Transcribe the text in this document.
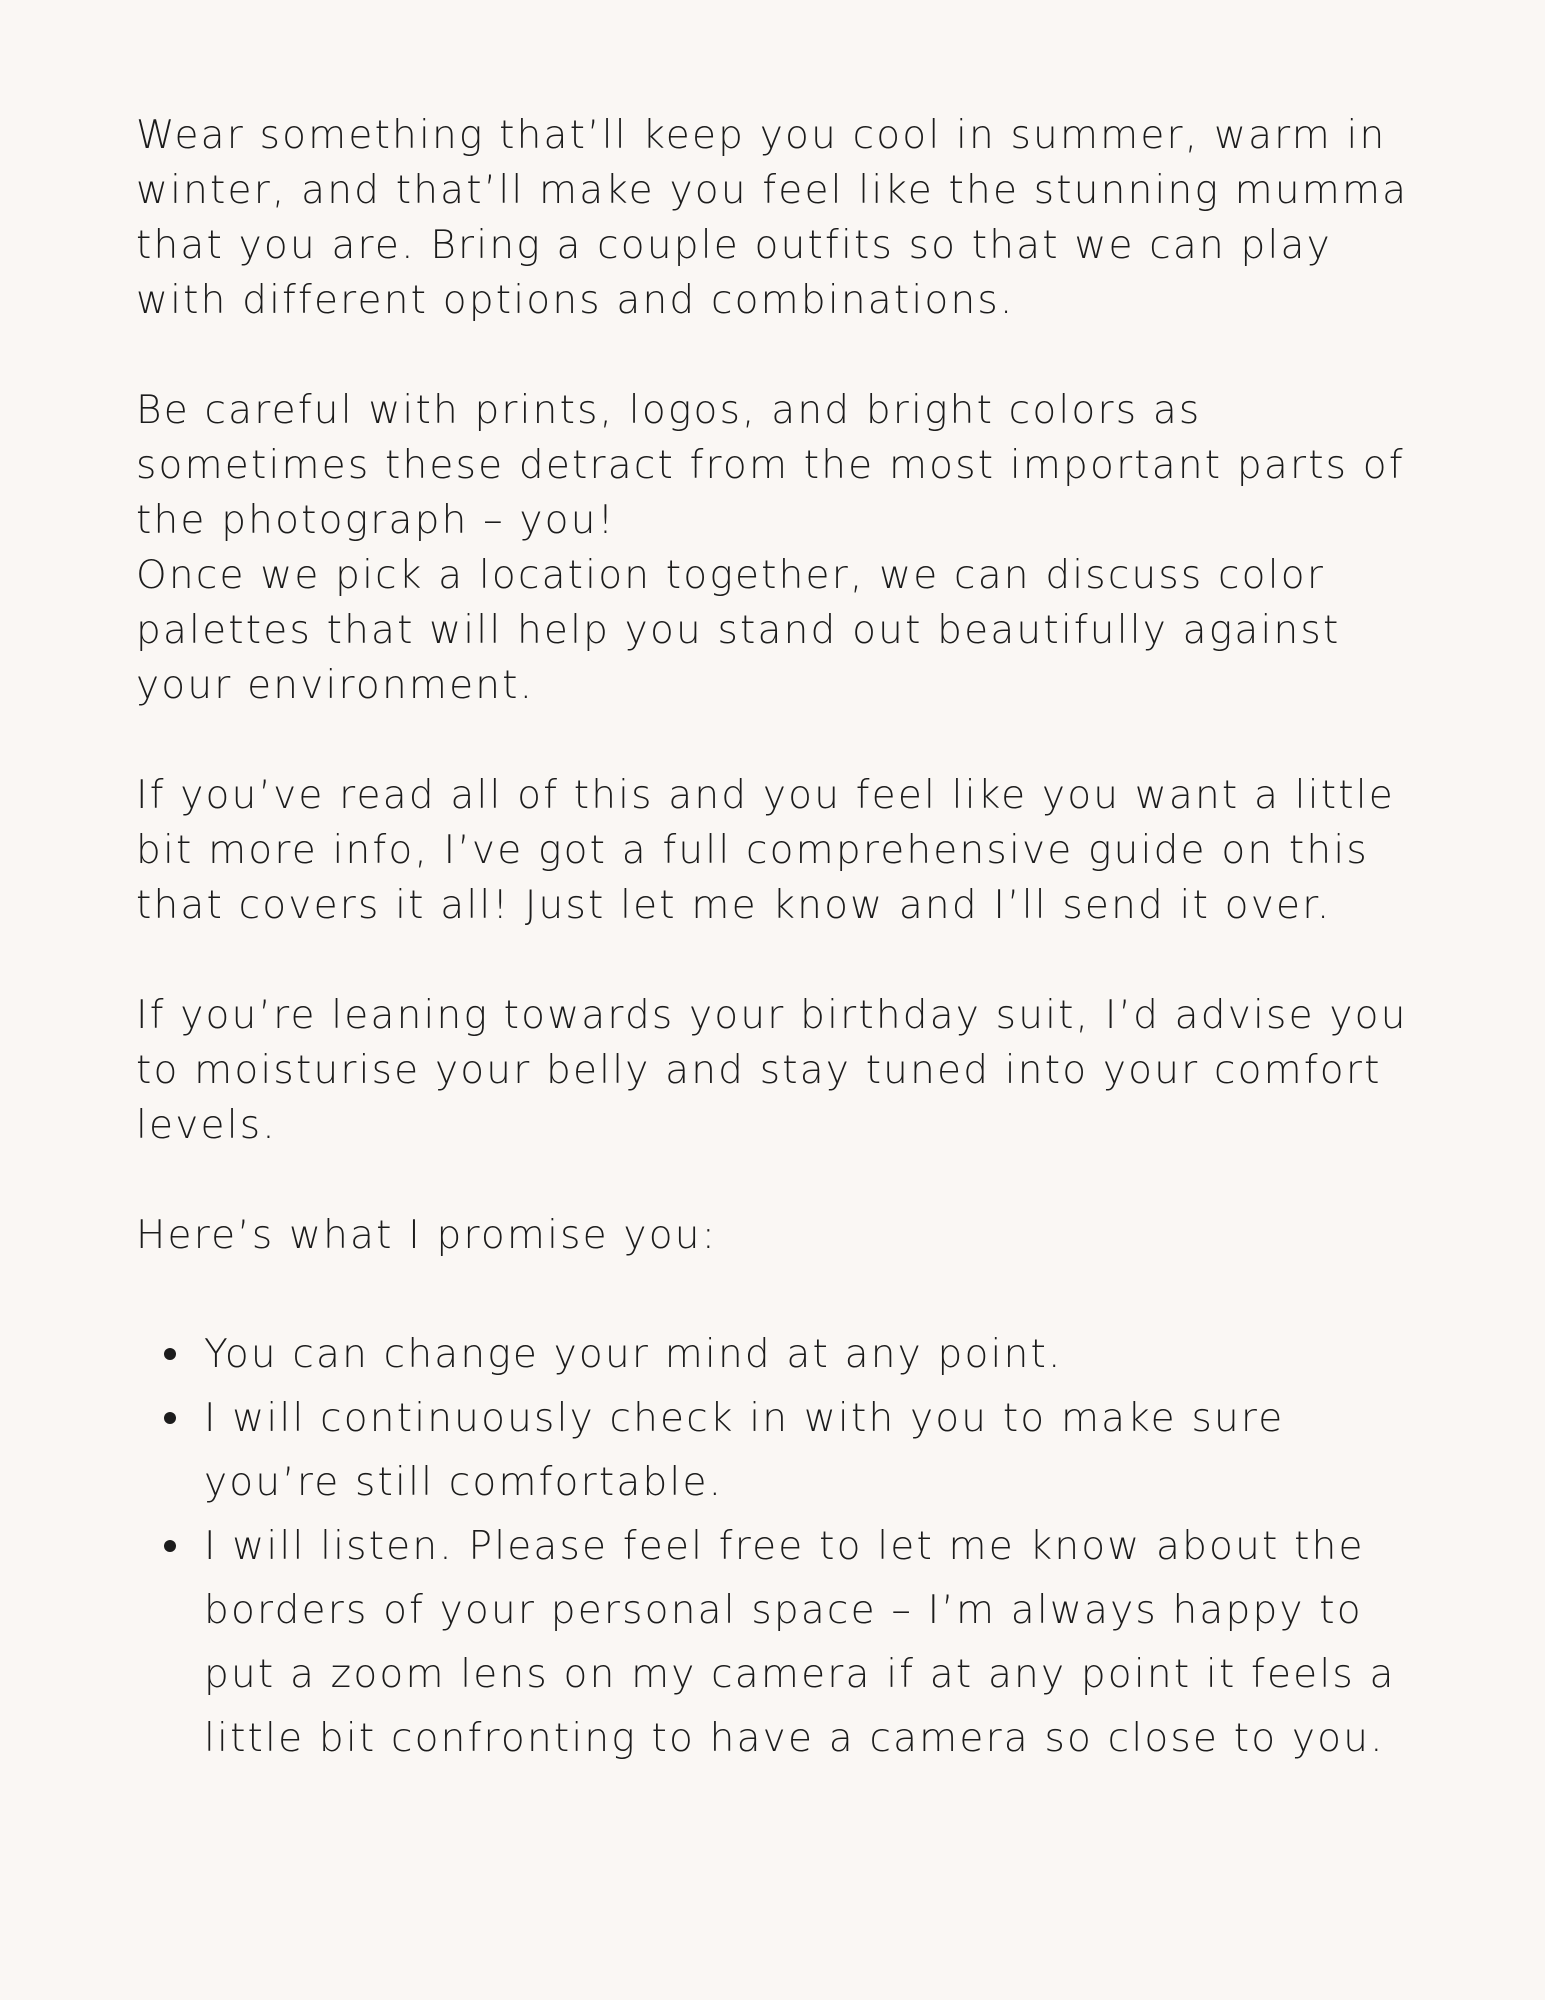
Wear something that’ll keep you cool in summer, warm in winter, and that’ll make you feel like the stunning mumma that you are. Bring a couple outfits so that we can play with different options and combinations.

Be careful with prints, logos, and bright colors as sometimes these detract from the most important parts of the photograph – you!

Once we pick a location together, we can discuss color palettes that will help you stand out beautifully against your environment.

If you’ve read all of this and you feel like you want a little bit more info, I’ve got a full comprehensive guide on this that covers it all! Just let me know and I’ll send it over.

If you’re leaning towards your birthday suit, I’d advise you to moisturise your belly and stay tuned into your comfort levels.

Here’s what I promise you:

You can change your mind at any point.
I will continuously check in with you to make sure you’re still comfortable.
I will listen. Please feel free to let me know about the borders of your personal space – I’m always happy to put a zoom lens on my camera if at any point it feels a little bit confronting to have a camera so close to you.
